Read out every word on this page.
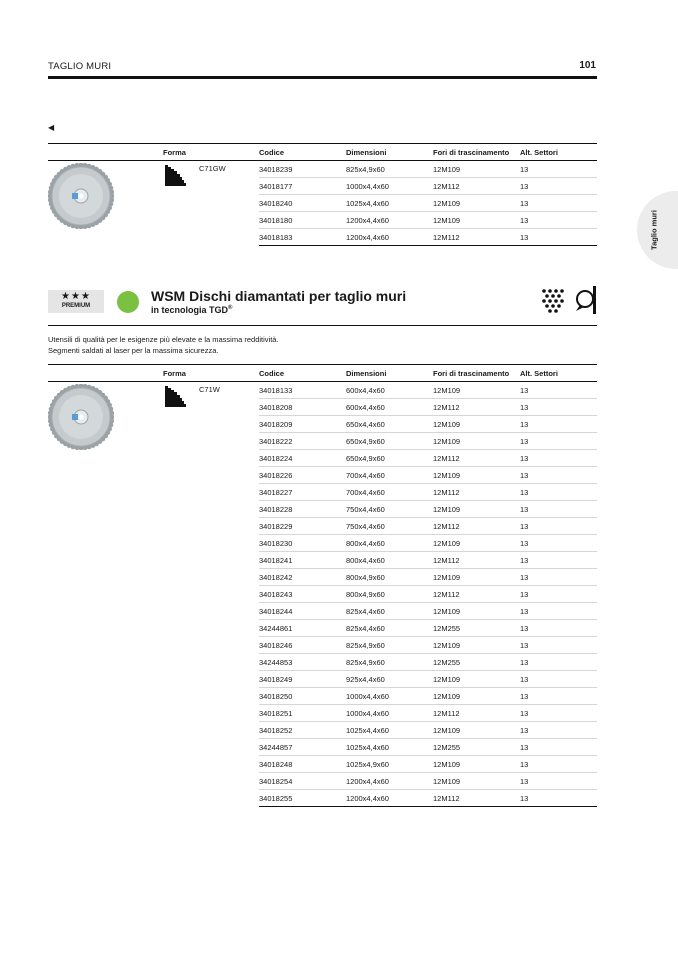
TAGLIO MURI	101
Taglio muri
◀
	Forma		Codice	Dimensioni	Fori di trascinamento	Alt. Settori

C71GW	34018239	825x4,9x60	12M109	13
			34018177	1000x4,4x60	12M112	13
			34018240	1025x4,4x60	12M109	13
			34018180	1200x4,4x60	12M109	13
			34018183	1200x4,4x60	12M112	13
★★★
PREMIUM
WSM Dischi diamantati per taglio muri
in tecnologia TGD®
Utensili di qualità per le esigenze più elevate e la massima redditività.
Segmenti saldati al laser per la massima sicurezza.
	Forma		Codice	Dimensioni	Fori di trascinamento	Alt. Settori

C71W	34018133	600x4,4x60	12M109	13
			34018208	600x4,4x60	12M112	13
			34018209	650x4,4x60	12M109	13
			34018222	650x4,9x60	12M109	13
			34018224	650x4,9x60	12M112	13
			34018226	700x4,4x60	12M109	13
			34018227	700x4,4x60	12M112	13
			34018228	750x4,4x60	12M109	13
			34018229	750x4,4x60	12M112	13
			34018230	800x4,4x60	12M109	13
			34018241	800x4,4x60	12M112	13
			34018242	800x4,9x60	12M109	13
			34018243	800x4,9x60	12M112	13
			34018244	825x4,4x60	12M109	13
			34244861	825x4,4x60	12M255	13
			34018246	825x4,9x60	12M109	13
			34244853	825x4,9x60	12M255	13
			34018249	925x4,4x60	12M109	13
			34018250	1000x4,4x60	12M109	13
			34018251	1000x4,4x60	12M112	13
			34018252	1025x4,4x60	12M109	13
			34244857	1025x4,4x60	12M255	13
			34018248	1025x4,9x60	12M109	13
			34018254	1200x4,4x60	12M109	13
			34018255	1200x4,4x60	12M112	13
